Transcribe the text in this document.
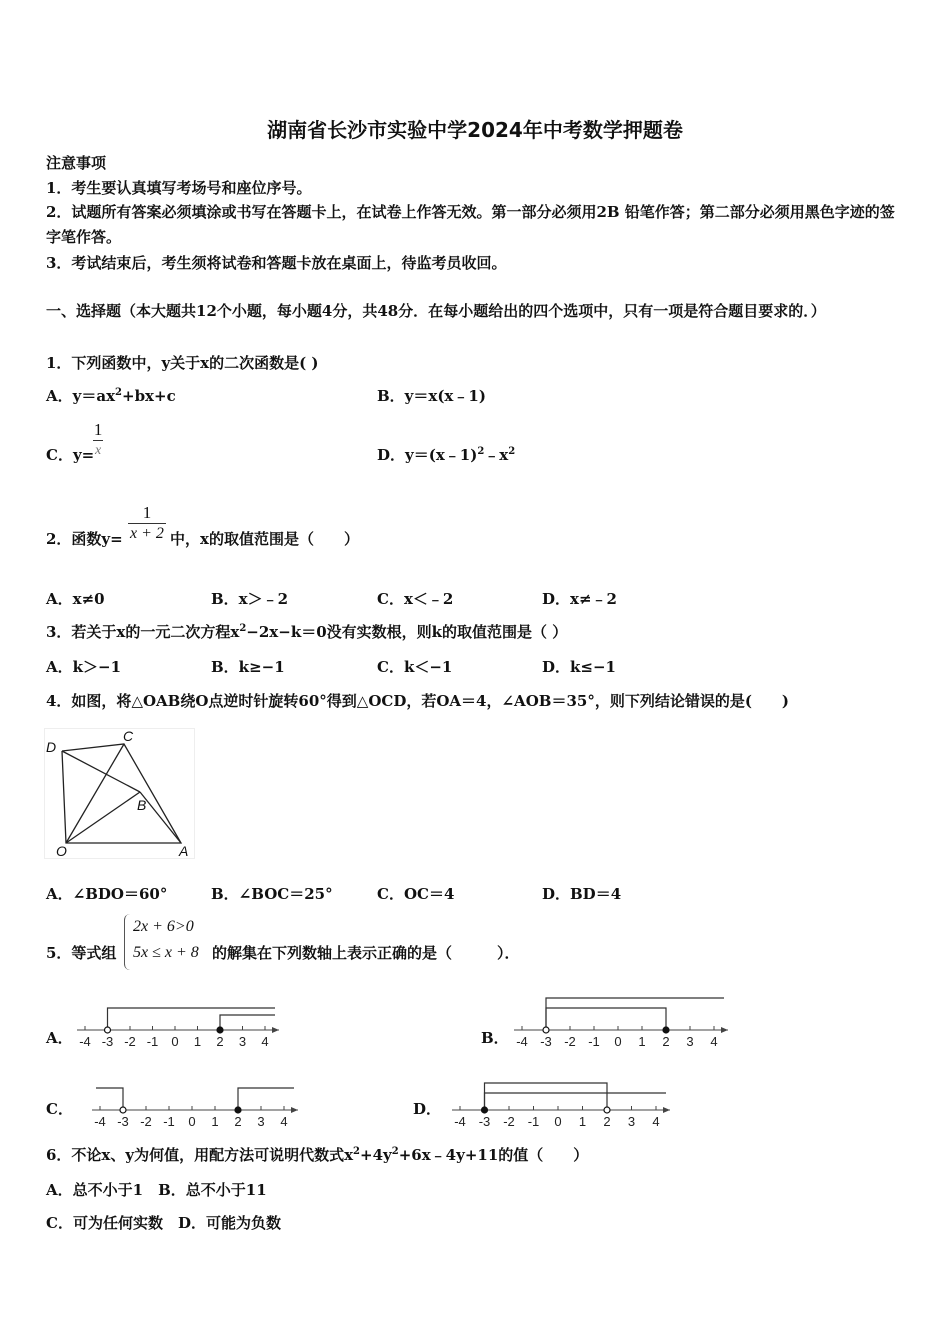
湖南省长沙市实验中学2024年中考数学押题卷
注意事项
1．考生要认真填写考场号和座位序号。
2．试题所有答案必须填涂或书写在答题卡上，在试卷上作答无效。第一部分必须用2B 铅笔作答；第二部分必须用黑色字迹的签字笔作答。
3．考试结束后，考生须将试卷和答题卡放在桌面上，待监考员收回。
一、选择题（本大题共12个小题，每小题4分，共48分．在每小题给出的四个选项中，只有一项是符合题目要求的．）
1．下列函数中，y关于x的二次函数是( )
A．$y=ax^2+bx+c$	B．y＝x(x﹣1)
C．y=
$\frac{1}{x}$	D．$y=(x﹣1)^2﹣x^2$
2．函数$y= \frac{1}{x + 2}$ 中，x的取值范围是（　　）
A．x≠0	B．x＞﹣2	C．x＜﹣2	D．x≠﹣2
3．若关于x的一元二次方程$x^2-2x-k=0$没有实数根，则k的取值范围是（ ）
A．k＞−1	B．k≥−1	C．k＜−1	D．k≤−1
4．如图，将△OAB绕O点逆时针旋转60°得到△OCD，若OA＝4，∠AOB＝35°，则下列结论错误的是(　　)
D
C
B
O	A
A．∠BDO＝60°	B．∠BOC＝25°	C．OC＝4	D．BD＝4
5．等式组
2x + 6>0
5x ≤ x + 8 的解集在下列数轴上表示正确的是（　　　）．
A． -4 -3 -2 -1 0 1 2 3 4	B． -4 -3 -2 -1 0 1 2 3 4
C．
-4 -3 -2 -1 0 1 2 3 4
D．
-4 -3 -2 -1 0 1 2 3 4
6．不论x、y为何值，用配方法可说明代数式$x^2+4y^2+6x﹣4y+11$的值（　　）
A．总不小于1　B．总不小于11
C．可为任何实数　D．可能为负数
